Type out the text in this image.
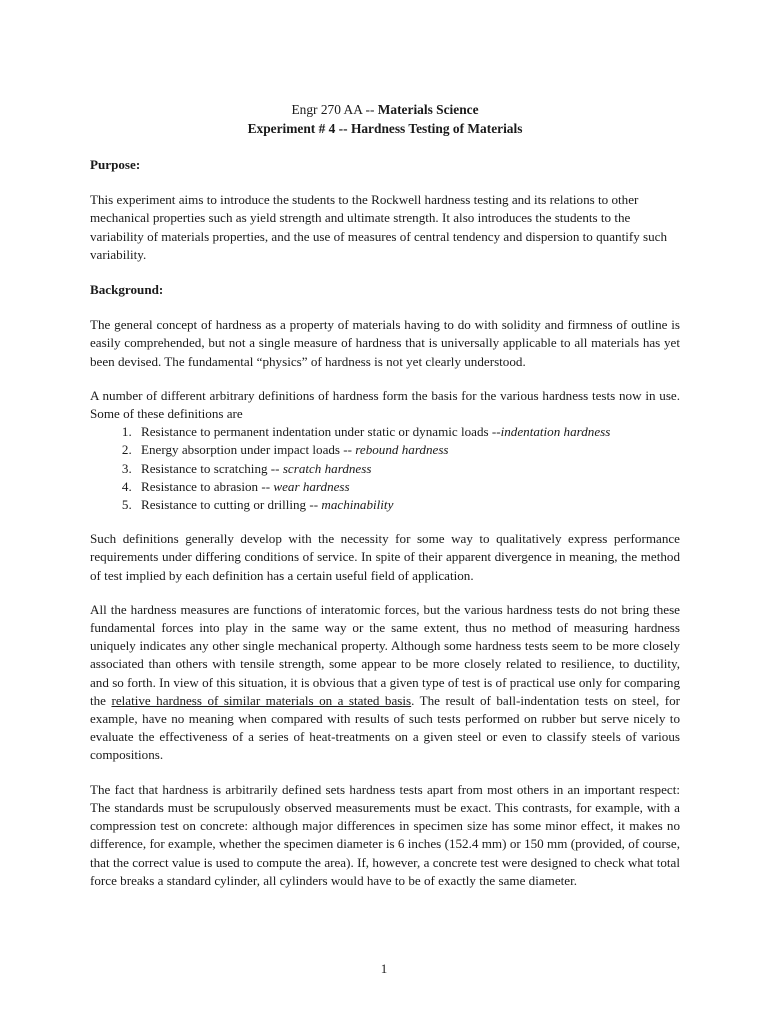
Engr 270 AA -- Materials Science

Experiment # 4 -- Hardness Testing of Materials

Purpose:

This experiment aims to introduce the students to the Rockwell hardness testing and its relations to other mechanical properties such as yield strength and ultimate strength. It also introduces the students to the variability of materials properties, and the use of measures of central tendency and dispersion to quantify such variability.

Background:

The general concept of hardness as a property of materials having to do with solidity and firmness of outline is easily comprehended, but not a single measure of hardness that is universally applicable to all materials has yet been devised. The fundamental “physics” of hardness is not yet clearly understood.

A number of different arbitrary definitions of hardness form the basis for the various hardness tests now in use. Some of these definitions are

1. Resistance to permanent indentation under static or dynamic loads --indentation hardness
2. Energy absorption under impact loads -- rebound hardness
3. Resistance to scratching -- scratch hardness
4. Resistance to abrasion -- wear hardness
5. Resistance to cutting or drilling -- machinability

Such definitions generally develop with the necessity for some way to qualitatively express performance requirements under differing conditions of service. In spite of their apparent divergence in meaning, the method of test implied by each definition has a certain useful field of application.

All the hardness measures are functions of interatomic forces, but the various hardness tests do not bring these fundamental forces into play in the same way or the same extent, thus no method of measuring hardness uniquely indicates any other single mechanical property. Although some hardness tests seem to be more closely associated than others with tensile strength, some appear to be more closely related to resilience, to ductility, and so forth. In view of this situation, it is obvious that a given type of test is of practical use only for comparing the relative hardness of similar materials on a stated basis. The result of ball-indentation tests on steel, for example, have no meaning when compared with results of such tests performed on rubber but serve nicely to evaluate the effectiveness of a series of heat-treatments on a given steel or even to classify steels of various compositions.

The fact that hardness is arbitrarily defined sets hardness tests apart from most others in an important respect: The standards must be scrupulously observed measurements must be exact. This contrasts, for example, with a compression test on concrete: although major differences in specimen size has some minor effect, it makes no difference, for example, whether the specimen diameter is 6 inches (152.4 mm) or 150 mm (provided, of course, that the correct value is used to compute the area). If, however, a concrete test were designed to check what total force breaks a standard cylinder, all cylinders would have to be of exactly the same diameter.

1
